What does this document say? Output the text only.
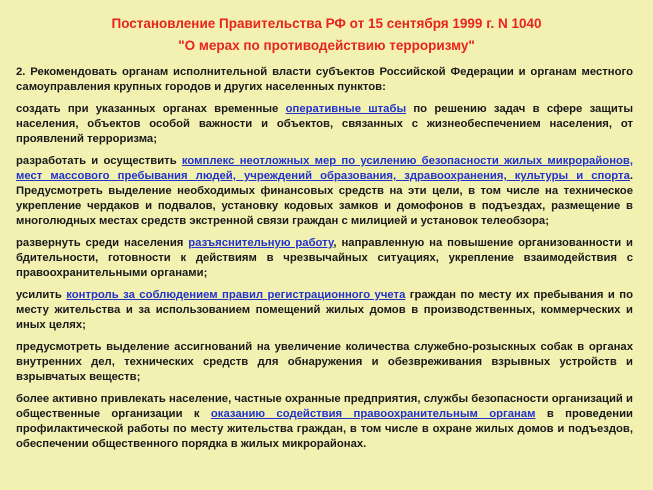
Постановление Правительства РФ от 15 сентября 1999 г. N 1040

"О мерах по противодействию терроризму"

2. Рекомендовать органам исполнительной власти субъектов Российской Федерации и органам местного самоуправления крупных городов и других населенных пунктов:

создать при указанных органах временные оперативные штабы по решению задач в сфере защиты населения, объектов особой важности и объектов, связанных с жизнеобеспечением населения, от проявлений терроризма;

разработать и осуществить комплекс неотложных мер по усилению безопасности жилых микрорайонов, мест массового пребывания людей, учреждений образования, здравоохранения, культуры и спорта. Предусмотреть выделение необходимых финансовых средств на эти цели, в том числе на техническое укрепление чердаков и подвалов, установку кодовых замков и домофонов в подъездах, размещение в многолюдных местах средств экстренной связи граждан с милицией и установок телеобзора;

развернуть среди населения разъяснительную работу, направленную на повышение организованности и бдительности, готовности к действиям в чрезвычайных ситуациях, укрепление взаимодействия с правоохранительными органами;

усилить контроль за соблюдением правил регистрационного учета граждан по месту их пребывания и по месту жительства и за использованием помещений жилых домов в производственных, коммерческих и иных целях;

предусмотреть выделение ассигнований на увеличение количества служебно-розыскных собак в органах внутренних дел, технических средств для обнаружения и обезвреживания взрывных устройств и взрывчатых веществ;

более активно привлекать население, частные охранные предприятия, службы безопасности организаций и общественные организации к оказанию содействия правоохранительным органам в проведении профилактической работы по месту жительства граждан, в том числе в охране жилых домов и подъездов, обеспечении общественного порядка в жилых микрорайонах.
